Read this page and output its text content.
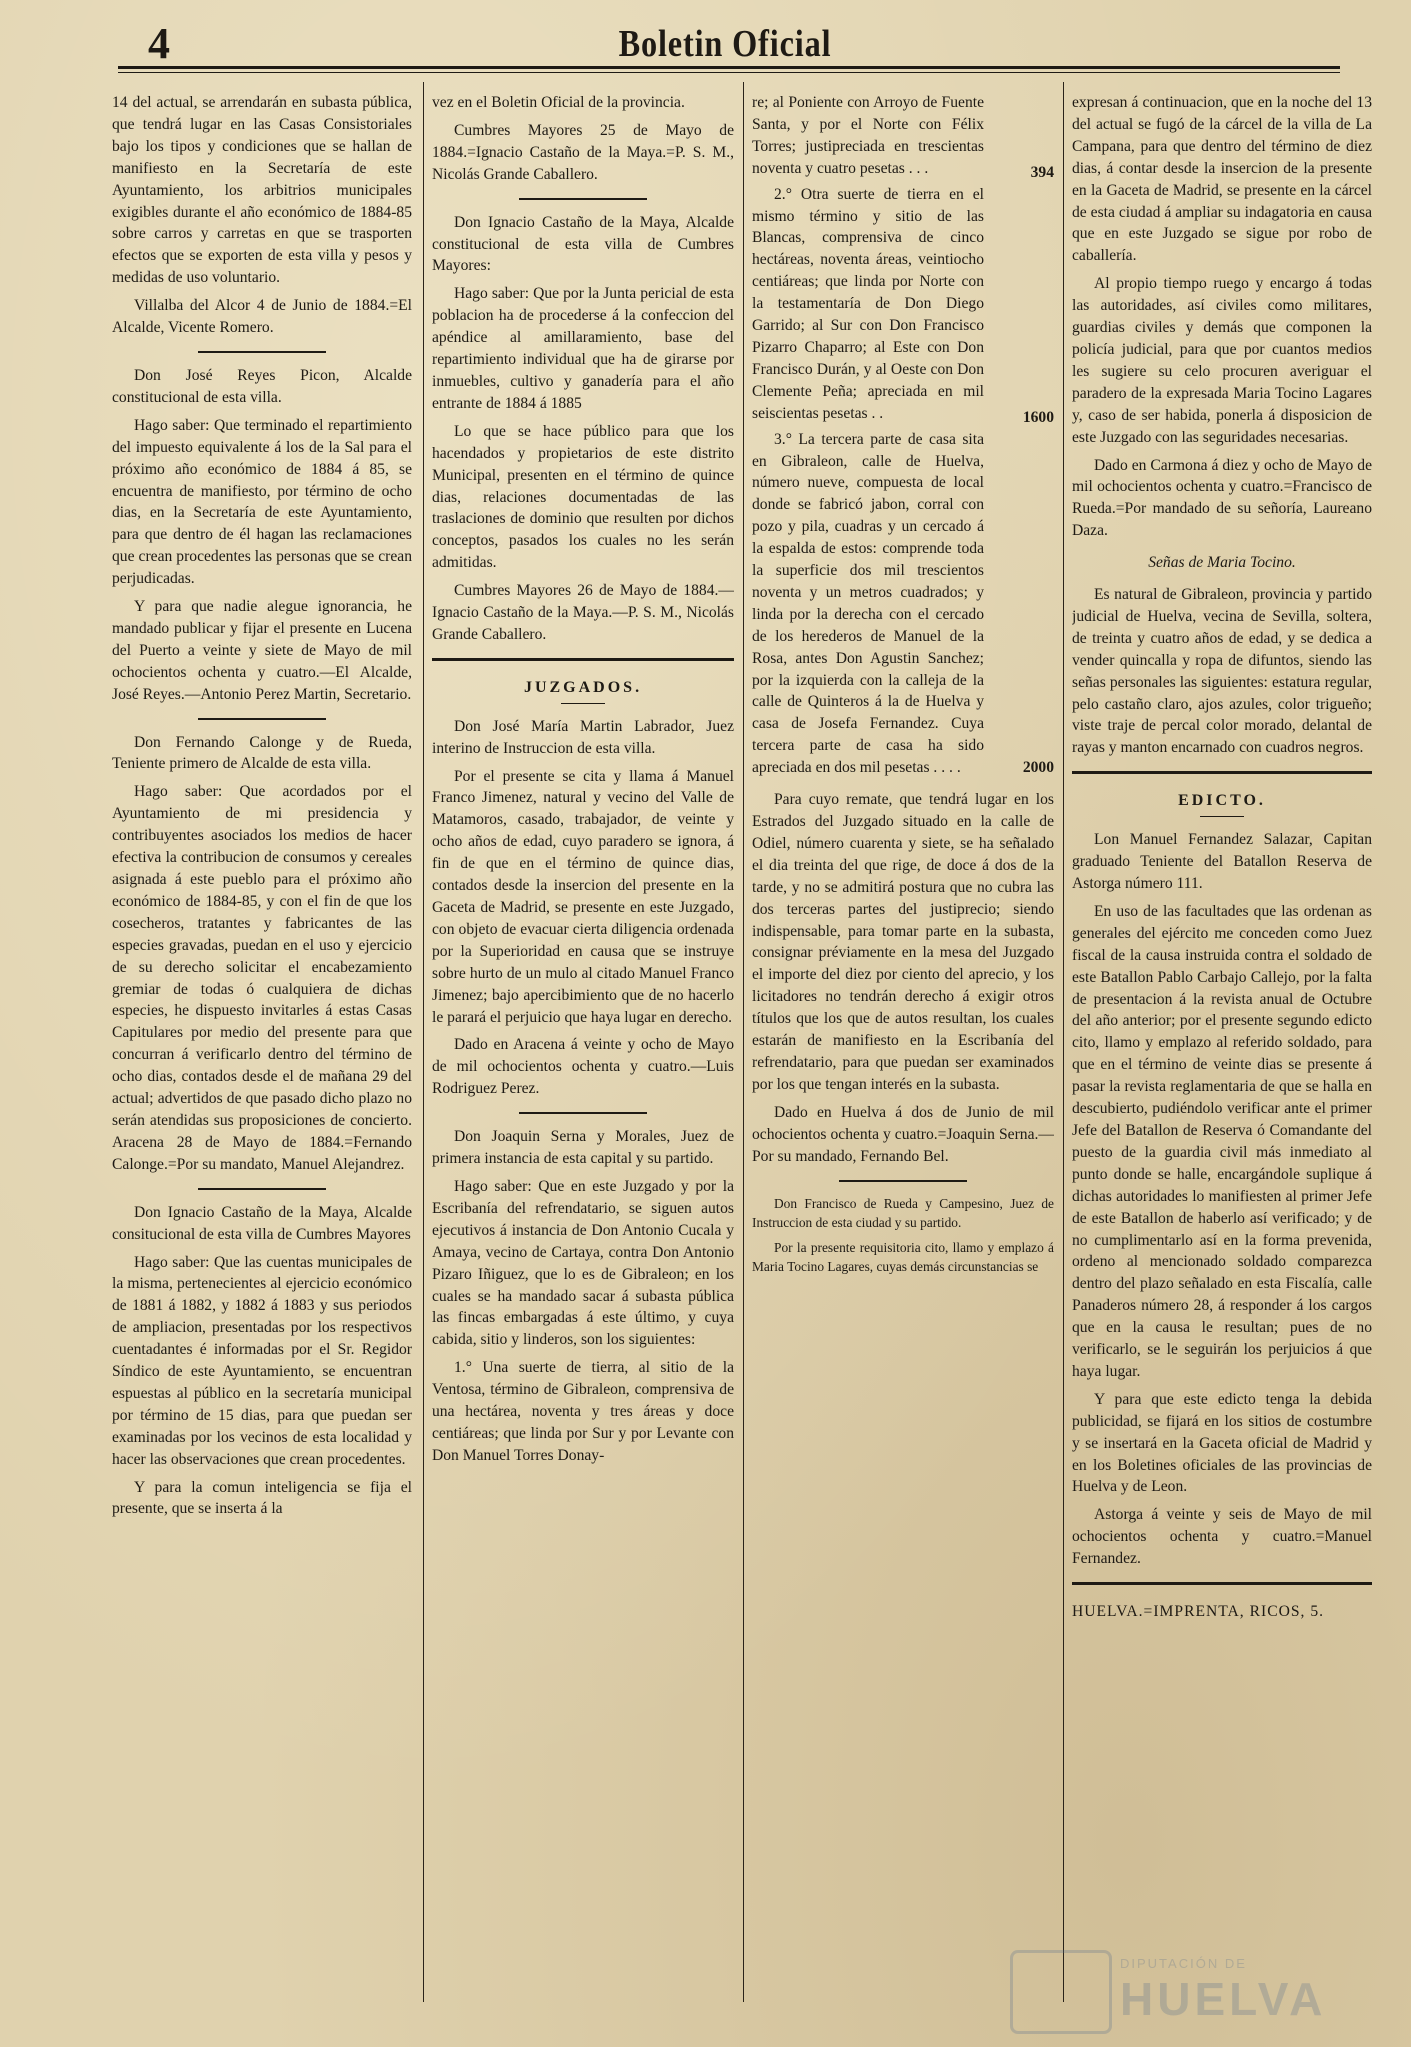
4	Boletin Oficial

14 del actual, se arrendarán en subasta pública, que tendrá lugar en las Casas Consistoriales bajo los tipos y condiciones que se hallan de manifiesto en la Secretaría de este Ayuntamiento, los arbitrios municipales exigibles durante el año económico de 1884-85 sobre carros y carretas en que se trasporten efectos que se exporten de esta villa y pesos y medidas de uso voluntario.

Villalba del Alcor 4 de Junio de 1884.=El Alcalde, Vicente Romero.

Don José Reyes Picon, Alcalde constitucional de esta villa.

Hago saber: Que terminado el repartimiento del impuesto equivalente á los de la Sal para el próximo año económico de 1884 á 85, se encuentra de manifiesto, por término de ocho dias, en la Secretaría de este Ayuntamiento, para que dentro de él hagan las reclamaciones que crean procedentes las personas que se crean perjudicadas.

Y para que nadie alegue ignorancia, he mandado publicar y fijar el presente en Lucena del Puerto a veinte y siete de Mayo de mil ochocientos ochenta y cuatro.—El Alcalde, José Reyes.—Antonio Perez Martin, Secretario.

Don Fernando Calonge y de Rueda, Teniente primero de Alcalde de esta villa.

Hago saber: Que acordados por el Ayuntamiento de mi presidencia y contribuyentes asociados los medios de hacer efectiva la contribucion de consumos y cereales asignada á este pueblo para el próximo año económico de 1884-85, y con el fin de que los cosecheros, tratantes y fabricantes de las especies gravadas, puedan en el uso y ejercicio de su derecho solicitar el encabezamiento gremiar de todas ó cualquiera de dichas especies, he dispuesto invitarles á estas Casas Capitulares por medio del presente para que concurran á verificarlo dentro del término de ocho dias, contados desde el de mañana 29 del actual; advertidos de que pasado dicho plazo no serán atendidas sus proposiciones de concierto. Aracena 28 de Mayo de 1884.=Fernando Calonge.=Por su mandato, Manuel Alejandrez.

Don Ignacio Castaño de la Maya, Alcalde consitucional de esta villa de Cumbres Mayores

Hago saber: Que las cuentas municipales de la misma, pertenecientes al ejercicio económico de 1881 á 1882, y 1882 á 1883 y sus periodos de ampliacion, presentadas por los respectivos cuentadantes é informadas por el Sr. Regidor Síndico de este Ayuntamiento, se encuentran espuestas al público en la secretaría municipal por término de 15 dias, para que puedan ser examinadas por los vecinos de esta localidad y hacer las observaciones que crean procedentes.

Y para la comun inteligencia se fija el presente, que se inserta á la

vez en el Boletin Oficial de la provincia.

Cumbres Mayores 25 de Mayo de 1884.=Ignacio Castaño de la Maya.=P. S. M., Nicolás Grande Caballero.

Don Ignacio Castaño de la Maya, Alcalde constitucional de esta villa de Cumbres Mayores:

Hago saber: Que por la Junta pericial de esta poblacion ha de procederse á la confeccion del apéndice al amillaramiento, base del repartimiento individual que ha de girarse por inmuebles, cultivo y ganadería para el año entrante de 1884 á 1885

Lo que se hace público para que los hacendados y propietarios de este distrito Municipal, presenten en el término de quince dias, relaciones documentadas de las traslaciones de dominio que resulten por dichos conceptos, pasados los cuales no les serán admitidas.

Cumbres Mayores 26 de Mayo de 1884.—Ignacio Castaño de la Maya.—P. S. M., Nicolás Grande Caballero.

JUZGADOS.

Don José María Martin Labrador, Juez interino de Instruccion de esta villa.

Por el presente se cita y llama á Manuel Franco Jimenez, natural y vecino del Valle de Matamoros, casado, trabajador, de veinte y ocho años de edad, cuyo paradero se ignora, á fin de que en el término de quince dias, contados desde la insercion del presente en la Gaceta de Madrid, se presente en este Juzgado, con objeto de evacuar cierta diligencia ordenada por la Superioridad en causa que se instruye sobre hurto de un mulo al citado Manuel Franco Jimenez; bajo apercibimiento que de no hacerlo le parará el perjuicio que haya lugar en derecho.

Dado en Aracena á veinte y ocho de Mayo de mil ochocientos ochenta y cuatro.—Luis Rodriguez Perez.

Don Joaquin Serna y Morales, Juez de primera instancia de esta capital y su partido.

Hago saber: Que en este Juzgado y por la Escribanía del refrendatario, se siguen autos ejecutivos á instancia de Don Antonio Cucala y Amaya, vecino de Cartaya, contra Don Antonio Pizaro Iñiguez, que lo es de Gibraleon; en los cuales se ha mandado sacar á subasta pública las fincas embargadas á este último, y cuya cabida, sitio y linderos, son los siguientes:

1.° Una suerte de tierra, al sitio de la Ventosa, término de Gibraleon, comprensiva de una hectárea, noventa y tres áreas y doce centiáreas; que linda por Sur y por Levante con Don Manuel Torres Donay-

re; al Poniente con Arroyo de Fuente Santa, y por el Norte con Félix Torres; justipreciada en trescientas noventa y cuatro pesetas . . .	394

2.° Otra suerte de tierra en el mismo término y sitio de las Blancas, comprensiva de cinco hectáreas, noventa áreas, veintiocho centiáreas; que linda por Norte con la testamentaría de Don Diego Garrido; al Sur con Don Francisco Pizarro Chaparro; al Este con Don Francisco Durán, y al Oeste con Don Clemente Peña; apreciada en mil seiscientas pesetas . .	1600

3.° La tercera parte de casa sita en Gibraleon, calle de Huelva, número nueve, compuesta de local donde se fabricó jabon, corral con pozo y pila, cuadras y un cercado á la espalda de estos: comprende toda la superficie dos mil trescientos noventa y un metros cuadrados; y linda por la derecha con el cercado de los herederos de Manuel de la Rosa, antes Don Agustin Sanchez; por la izquierda con la calleja de la calle de Quinteros á la de Huelva y casa de Josefa Fernandez. Cuya tercera parte de casa ha sido apreciada en dos mil pesetas . . . .	2000

Para cuyo remate, que tendrá lugar en los Estrados del Juzgado situado en la calle de Odiel, número cuarenta y siete, se ha señalado el dia treinta del que rige, de doce á dos de la tarde, y no se admitirá postura que no cubra las dos terceras partes del justiprecio; siendo indispensable, para tomar parte en la subasta, consignar préviamente en la mesa del Juzgado el importe del diez por ciento del aprecio, y los licitadores no tendrán derecho á exigir otros títulos que los que de autos resultan, los cuales estarán de manifiesto en la Escribanía del refrendatario, para que puedan ser examinados por los que tengan interés en la subasta.

Dado en Huelva á dos de Junio de mil ochocientos ochenta y cuatro.=Joaquin Serna.—Por su mandado, Fernando Bel.

Don Francisco de Rueda y Campesino, Juez de Instruccion de esta ciudad y su partido.

Por la presente requisitoria cito, llamo y emplazo á Maria Tocino Lagares, cuyas demás circunstancias se

expresan á continuacion, que en la noche del 13 del actual se fugó de la cárcel de la villa de La Campana, para que dentro del término de diez dias, á contar desde la insercion de la presente en la Gaceta de Madrid, se presente en la cárcel de esta ciudad á ampliar su indagatoria en causa que en este Juzgado se sigue por robo de caballería.

Al propio tiempo ruego y encargo á todas las autoridades, así civiles como militares, guardias civiles y demás que componen la policía judicial, para que por cuantos medios les sugiere su celo procuren averiguar el paradero de la expresada Maria Tocino Lagares y, caso de ser habida, ponerla á disposicion de este Juzgado con las seguridades necesarias.

Dado en Carmona á diez y ocho de Mayo de mil ochocientos ochenta y cuatro.=Francisco de Rueda.=Por mandado de su señoría, Laureano Daza.

Señas de Maria Tocino.

Es natural de Gibraleon, provincia y partido judicial de Huelva, vecina de Sevilla, soltera, de treinta y cuatro años de edad, y se dedica a vender quincalla y ropa de difuntos, siendo las señas personales las siguientes: estatura regular, pelo castaño claro, ajos azules, color trigueño; viste traje de percal color morado, delantal de rayas y manton encarnado con cuadros negros.

EDICTO.

Lon Manuel Fernandez Salazar, Capitan graduado Teniente del Batallon Reserva de Astorga número 111.

En uso de las facultades que las ordenan as generales del ejército me conceden como Juez fiscal de la causa instruida contra el soldado de este Batallon Pablo Carbajo Callejo, por la falta de presentacion á la revista anual de Octubre del año anterior; por el presente segundo edicto cito, llamo y emplazo al referido soldado, para que en el término de veinte dias se presente á pasar la revista reglamentaria de que se halla en descubierto, pudiéndolo verificar ante el primer Jefe del Batallon de Reserva ó Comandante del puesto de la guardia civil más inmediato al punto donde se halle, encargándole suplique á dichas autoridades lo manifiesten al primer Jefe de este Batallon de haberlo así verificado; y de no cumplimentarlo así en la forma prevenida, ordeno al mencionado soldado comparezca dentro del plazo señalado en esta Fiscalía, calle Panaderos número 28, á responder á los cargos que en la causa le resultan; pues de no verificarlo, se le seguirán los perjuicios á que haya lugar.

Y para que este edicto tenga la debida publicidad, se fijará en los sitios de costumbre y se insertará en la Gaceta oficial de Madrid y en los Boletines oficiales de las provincias de Huelva y de Leon.

Astorga á veinte y seis de Mayo de mil ochocientos ochenta y cuatro.=Manuel Fernandez.

HUELVA.=IMPRENTA, RICOS, 5.

DIPUTACIÓN DE
HUELVA
